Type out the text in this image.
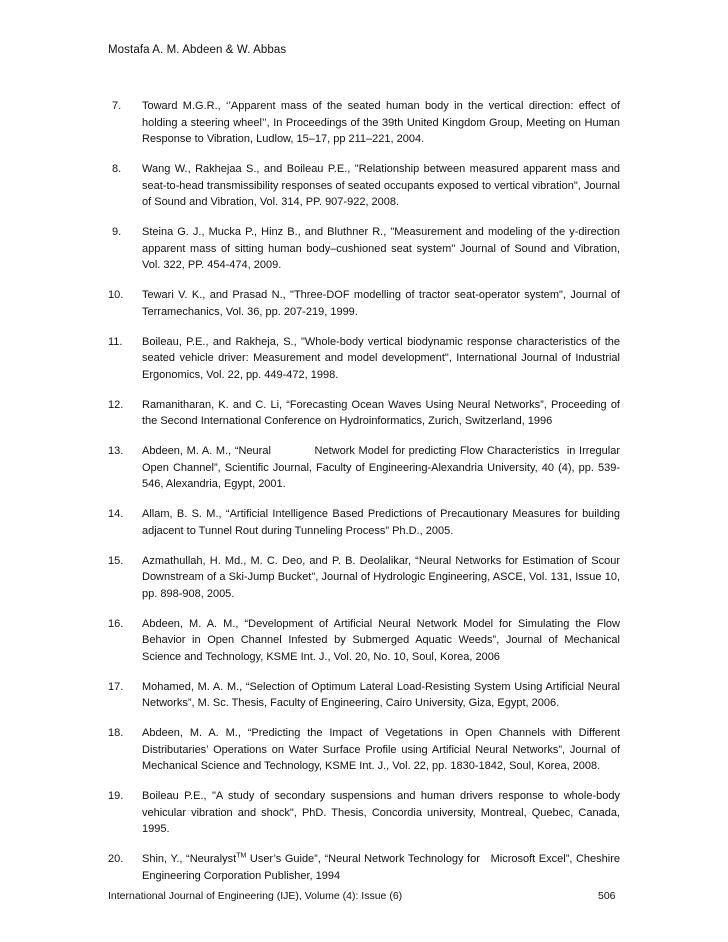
Mostafa A. M. Abdeen & W. Abbas
7. Toward M.G.R., ‘’Apparent mass of the seated human body in the vertical direction: effect of holding a steering wheel’’, In Proceedings of the 39th United Kingdom Group, Meeting on Human Response to Vibration, Ludlow, 15–17, pp 211–221, 2004.
8. Wang W., Rakhejaa S., and Boileau P.E., "Relationship between measured apparent mass and seat-to-head transmissibility responses of seated occupants exposed to vertical vibration", Journal of Sound and Vibration, Vol. 314, PP. 907-922, 2008.
9. Steina G. J., Mucka P., Hinz B., and Bluthner R., "Measurement and modeling of the y-direction apparent mass of sitting human body–cushioned seat system" Journal of Sound and Vibration, Vol. 322, PP. 454-474, 2009.
10. Tewari V. K., and Prasad N., "Three-DOF modelling of tractor seat-operator system", Journal of Terramechanics, Vol. 36, pp. 207-219, 1999.
11. Boileau, P.E., and Rakheja, S., "Whole-body vertical biodynamic response characteristics of the seated vehicle driver: Measurement and model development", International Journal of Industrial Ergonomics, Vol. 22, pp. 449-472, 1998.
12. Ramanitharan, K. and C. Li, “Forecasting Ocean Waves Using Neural Networks”, Proceeding of the Second International Conference on Hydroinformatics, Zurich, Switzerland, 1996
13. Abdeen, M. A. M., “Neural            Network Model for predicting Flow Characteristics  in Irregular Open Channel”, Scientific Journal, Faculty of Engineering-Alexandria University, 40 (4), pp. 539-546, Alexandria, Egypt, 2001.
14. Allam, B. S. M., “Artificial Intelligence Based Predictions of Precautionary Measures for building adjacent to Tunnel Rout during Tunneling Process” Ph.D., 2005.
15. Azmathullah, H. Md., M. C. Deo, and P. B. Deolalikar, “Neural Networks for Estimation of Scour Downstream of a Ski-Jump Bucket", Journal of Hydrologic Engineering, ASCE, Vol. 131, Issue 10, pp. 898-908, 2005.
16. Abdeen, M. A. M., “Development of Artificial Neural Network Model for Simulating the Flow Behavior in Open Channel Infested by Submerged Aquatic Weeds”, Journal of Mechanical Science and Technology, KSME Int. J., Vol. 20, No. 10, Soul, Korea, 2006
17. Mohamed, M. A. M., “Selection of Optimum Lateral Load-Resisting System Using Artificial Neural Networks”, M. Sc. Thesis, Faculty of Engineering, Cairo University, Giza, Egypt, 2006.
18. Abdeen, M. A. M., “Predicting the Impact of Vegetations in Open Channels with Different Distributaries’ Operations on Water Surface Profile using Artificial Neural Networks”, Journal of Mechanical Science and Technology, KSME Int. J., Vol. 22, pp. 1830-1842, Soul, Korea, 2008.
19. Boileau P.E., "A study of secondary suspensions and human drivers response to whole-body vehicular vibration and shock", PhD. Thesis, Concordia university, Montreal, Quebec, Canada, 1995.
20. Shin, Y., “Neuralyst™ User’s Guide”, “Neural Network Technology for   Microsoft Excel”, Cheshire Engineering Corporation Publisher, 1994
International Journal of Engineering (IJE), Volume (4): Issue (6)	506
